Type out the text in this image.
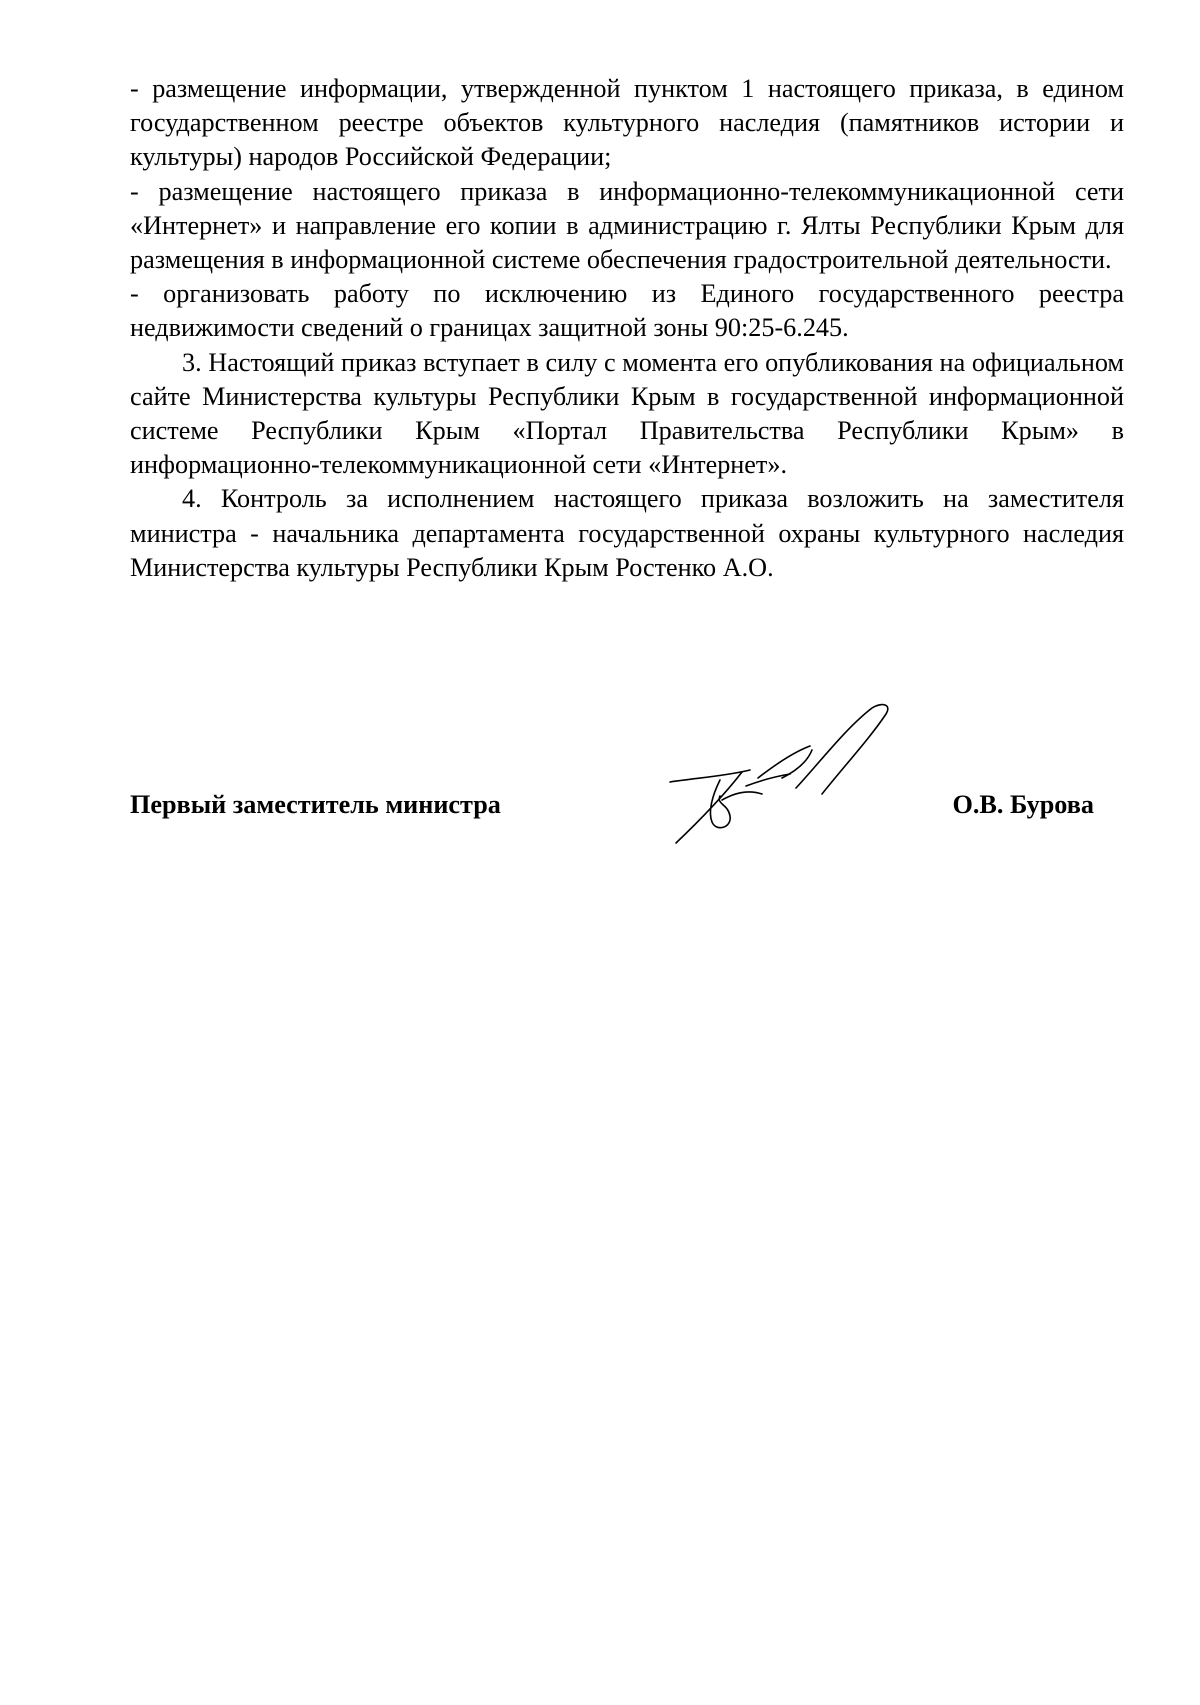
- размещение информации, утвержденной пунктом 1 настоящего приказа, в едином государственном реестре объектов культурного наследия (памятников истории и культуры) народов Российской Федерации;

- размещение настоящего приказа в информационно-телекоммуникационной сети «Интернет» и направление его копии в администрацию г. Ялты Республики Крым для размещения в информационной системе обеспечения градостроительной деятельности.

- организовать работу по исключению из Единого государственного реестра недвижимости сведений о границах защитной зоны 90:25-6.245.

3. Настоящий приказ вступает в силу с момента его опубликования на официальном сайте Министерства культуры Республики Крым в государственной информационной системе Республики Крым «Портал Правительства Республики Крым» в информационно-телекоммуникационной сети «Интернет».

4. Контроль за исполнением настоящего приказа возложить на заместителя министра - начальника департамента государственной охраны культурного наследия Министерства культуры Республики Крым Ростенко А.О.

Первый заместитель министра	О.В. Бурова
